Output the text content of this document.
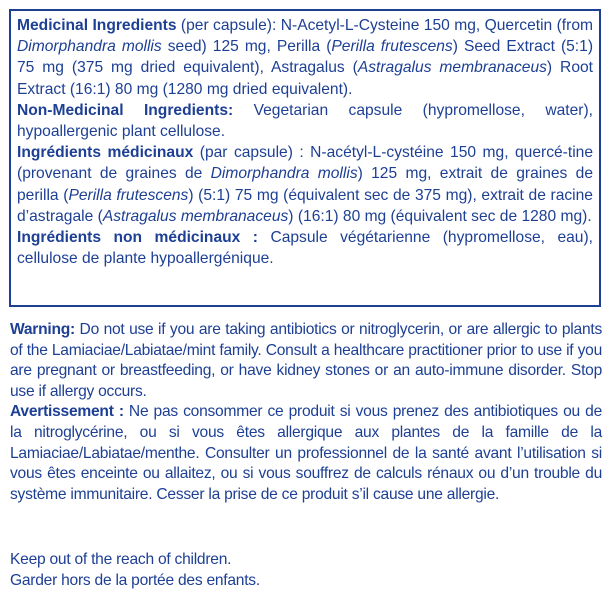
Medicinal Ingredients (per capsule): N-Acetyl-L-Cysteine 150 mg, Quercetin (from Dimorphandra mollis seed) 125 mg, Perilla (Perilla frutescens) Seed Extract (5:1) 75 mg (375 mg dried equivalent), Astragalus (Astragalus membranaceus) Root Extract (16:1) 80 mg (1280 mg dried equivalent).

Non-Medicinal Ingredients: Vegetarian capsule (hypromellose, water), hypoallergenic plant cellulose.

Ingrédients médicinaux (par capsule) : N-acétyl-L-cystéine 150 mg, quercé-tine (provenant de graines de Dimorphandra mollis) 125 mg, extrait de graines de perilla (Perilla frutescens) (5:1) 75 mg (équivalent sec de 375 mg), extrait de racine d’astragale (Astragalus membranaceus) (16:1) 80 mg (équivalent sec de 1280 mg).

Ingrédients non médicinaux : Capsule végétarienne (hypromellose, eau), cellulose de plante hypoallergénique.

Warning: Do not use if you are taking antibiotics or nitroglycerin, or are allergic to plants of the Lamiaciae/Labiatae/mint family. Consult a healthcare practitioner prior to use if you are pregnant or breastfeeding, or have kidney stones or an auto-immune disorder. Stop use if allergy occurs.

Avertissement : Ne pas consommer ce produit si vous prenez des antibiotiques ou de la nitroglycérine, ou si vous êtes allergique aux plantes de la famille de la Lamiaciae/Labiatae/menthe. Consulter un professionnel de la santé avant l’utilisation si vous êtes enceinte ou allaitez, ou si vous souffrez de calculs rénaux ou d’un trouble du système immunitaire. Cesser la prise de ce produit s’il cause une allergie.

Keep out of the reach of children.

Garder hors de la portée des enfants.
